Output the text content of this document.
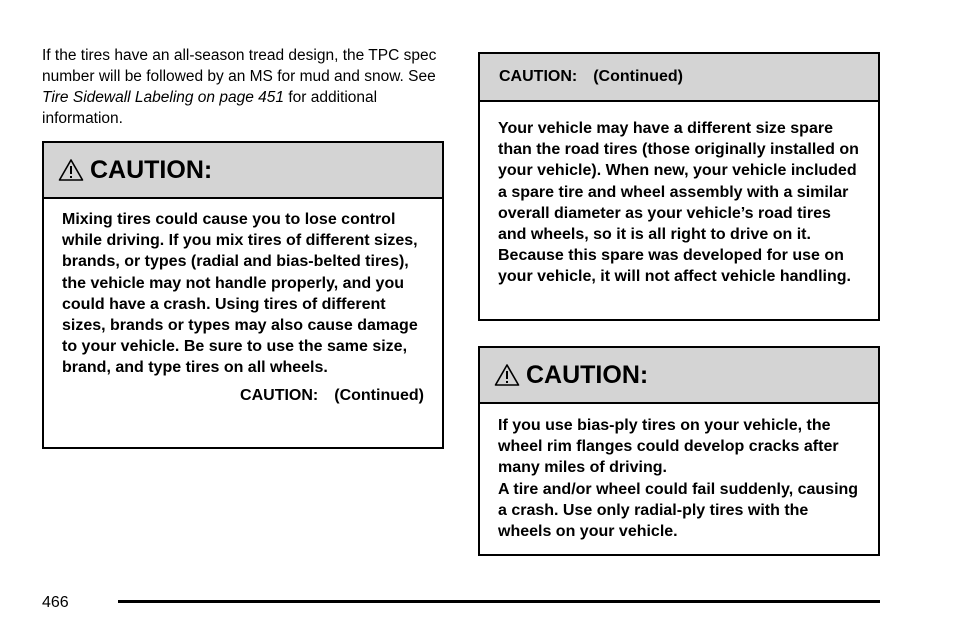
If the tires have an all-season tread design, the TPC spec number will be followed by an MS for mud and snow. See Tire Sidewall Labeling on page 451 for additional information.

CAUTION:

Mixing tires could cause you to lose control while driving. If you mix tires of different sizes, brands, or types (radial and bias-belted tires), the vehicle may not handle properly, and you could have a crash. Using tires of different sizes, brands or types may also cause damage to your vehicle. Be sure to use the same size, brand, and type tires on all wheels.

CAUTION: (Continued)
CAUTION: (Continued)

Your vehicle may have a different size spare than the road tires (those originally installed on your vehicle). When new, your vehicle included a spare tire and wheel assembly with a similar overall diameter as your vehicle’s road tires and wheels, so it is all right to drive on it. Because this spare was developed for use on your vehicle, it will not affect vehicle handling.

CAUTION:

If you use bias-ply tires on your vehicle, the wheel rim flanges could develop cracks after many miles of driving.

A tire and/or wheel could fail suddenly, causing a crash. Use only radial-ply tires with the wheels on your vehicle.

466
